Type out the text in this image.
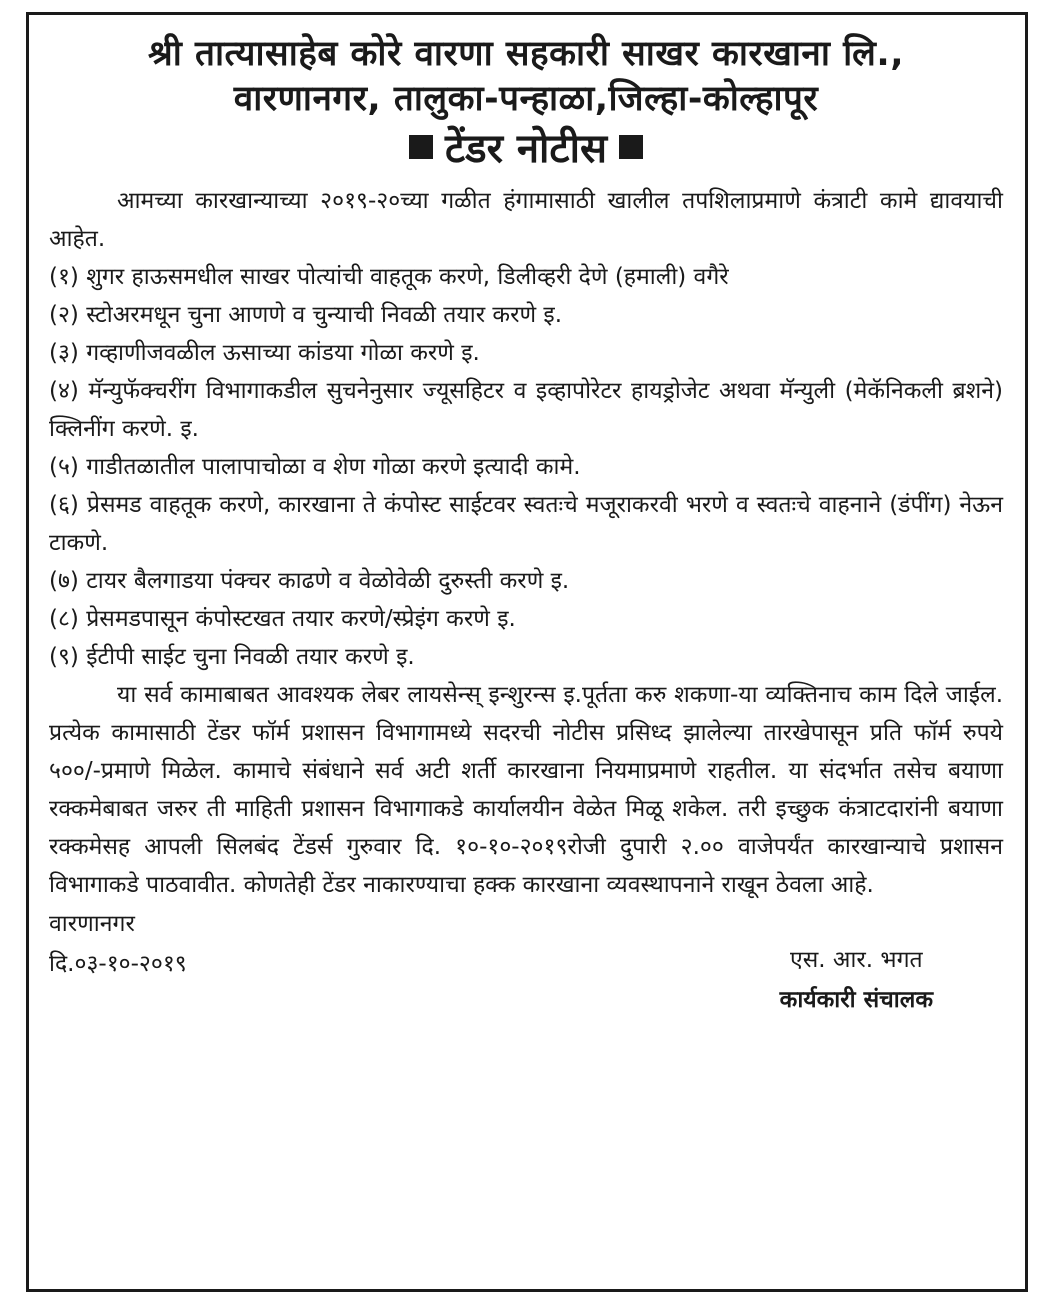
श्री तात्यासाहेब कोरे वारणा सहकारी साखर कारखाना लि.,
वारणानगर, तालुका-पन्हाळा,जिल्हा-कोल्हापूर
टेंडर नोटीस

आमच्या कारखान्याच्या २०१९-२०च्या गळीत हंगामासाठी खालील तपशिलाप्रमाणे कंत्राटी कामे द्यावयाची आहेत.

(१) शुगर हाऊसमधील साखर पोत्यांची वाहतूक करणे, डिलीव्हरी देणे (हमाली) वगैरे

(२) स्टोअरमधून चुना आणणे व चुन्याची निवळी तयार करणे इ.

(३) गव्हाणीजवळील ऊसाच्या कांडया गोळा करणे इ.

(४) मॅन्युफॅक्चरींग विभागाकडील सुचनेनुसार ज्यूसहिटर व इव्हापोरेटर हायड्रोजेट अथवा मॅन्युली (मेकॅनिकली ब्रशने) क्लिनींग करणे. इ.

(५) गाडीतळातील पालापाचोळा व शेण गोळा करणे इत्यादी कामे.

(६) प्रेसमड वाहतूक करणे, कारखाना ते कंपोस्ट साईटवर स्वतःचे मजूराकरवी भरणे व स्वतःचे वाहनाने (डंपींग) नेऊन टाकणे.

(७) टायर बैलगाडया पंक्चर काढणे व वेळोवेळी दुरुस्ती करणे इ.

(८) प्रेसमडपासून कंपोस्टखत तयार करणे/स्प्रेइंग करणे इ.

(९) ईटीपी साईट चुना निवळी तयार करणे इ.

या सर्व कामाबाबत आवश्यक लेबर लायसेन्स् इन्शुरन्स इ.पूर्तता करु शकणा-या व्यक्तिनाच काम दिले जाईल. प्रत्येक कामासाठी टेंडर फॉर्म प्रशासन विभागामध्ये सदरची नोटीस प्रसिध्द झालेल्या तारखेपासून प्रति फॉर्म रुपये ५००/-प्रमाणे मिळेल. कामाचे संबंधाने सर्व अटी शर्ती कारखाना नियमाप्रमाणे राहतील. या संदर्भात तसेच बयाणा रक्कमेबाबत जरुर ती माहिती प्रशासन विभागाकडे कार्यालयीन वेळेत मिळू शकेल. तरी इच्छुक कंत्राटदारांनी बयाणा रक्कमेसह आपली सिलबंद टेंडर्स गुरुवार दि. १०-१०-२०१९रोजी दुपारी २.०० वाजेपर्यंत कारखान्याचे प्रशासन विभागाकडे पाठवावीत. कोणतेही टेंडर नाकारण्याचा हक्क कारखाना व्यवस्थापनाने राखून ठेवला आहे.

वारणानगर

दि.०३-१०-२०१९	एस. आर. भगत

कार्यकारी संचालक
